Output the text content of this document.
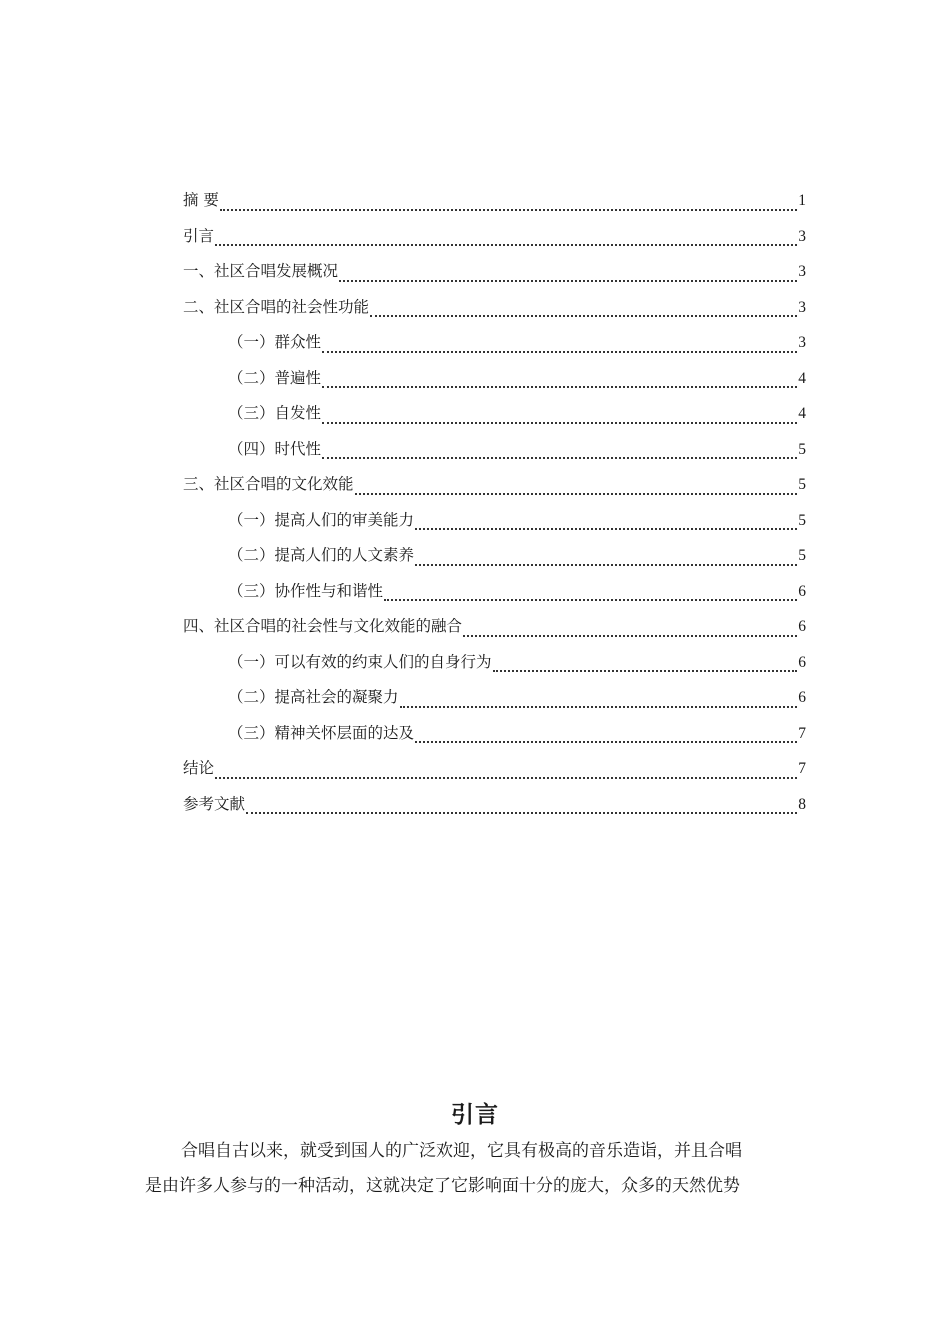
摘 要	1
引言	3
一、社区合唱发展概况	3
二、社区合唱的社会性功能	3
（一）群众性	3
（二）普遍性	4
（三）自发性	4
（四）时代性	5
三、社区合唱的文化效能	5
（一）提高人们的审美能力	5
（二）提高人们的人文素养	5
（三）协作性与和谐性	6
四、社区合唱的社会性与文化效能的融合	6
（一）可以有效的约束人们的自身行为	6
（二）提高社会的凝聚力	6
（三）精神关怀层面的达及	7
结论	7
参考文献	8
引言
合唱自古以来，就受到国人的广泛欢迎，它具有极高的音乐造诣，并且合唱
是由许多人参与的一种活动，这就决定了它影响面十分的庞大，众多的天然优势
